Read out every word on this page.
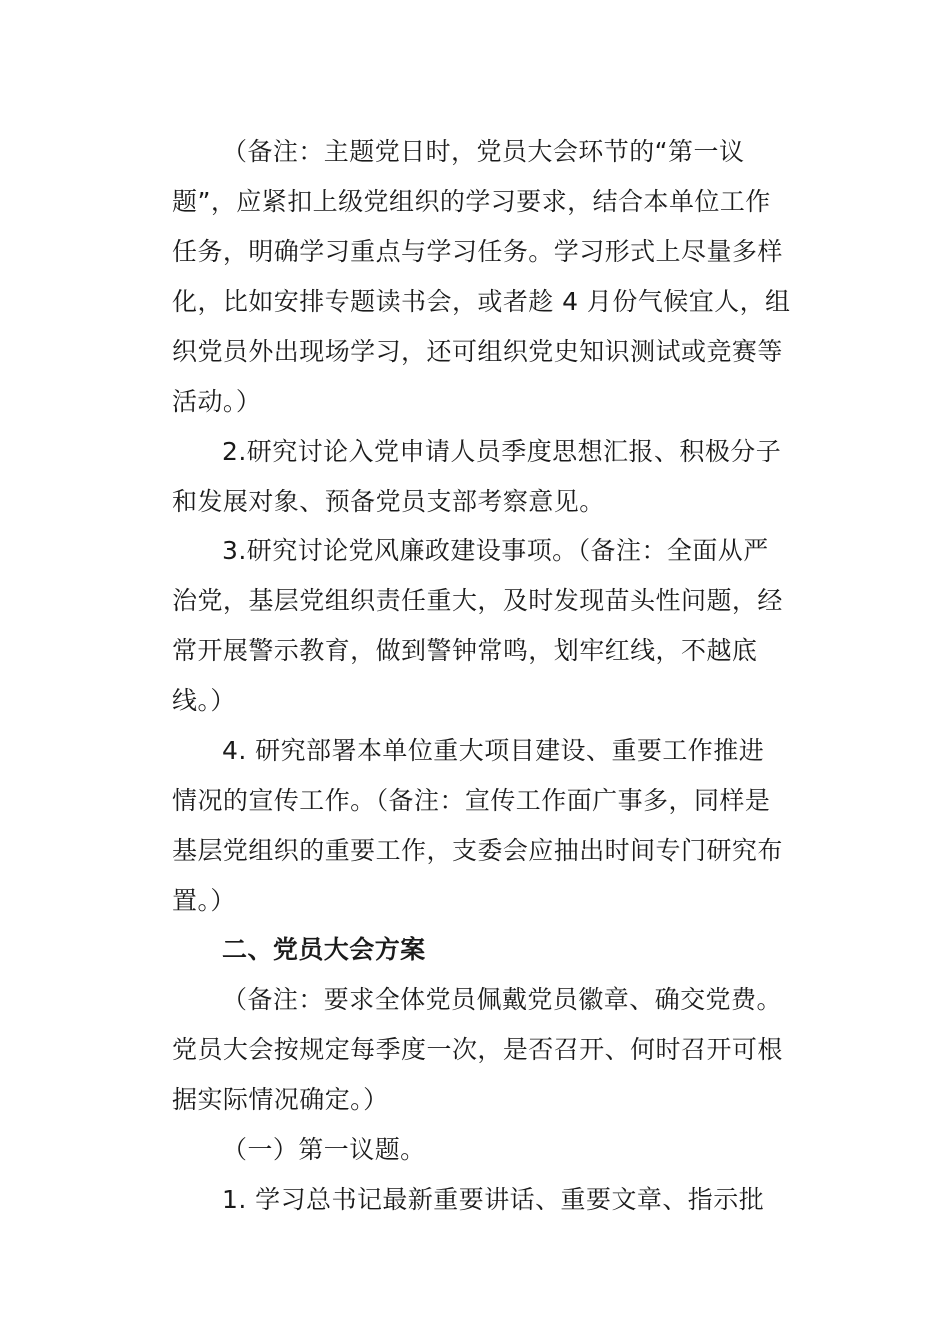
（备注：主题党日时，党员大会环节的“第一议
题”，应紧扣上级党组织的学习要求，结合本单位工作
任务，明确学习重点与学习任务。学习形式上尽量多样
化，比如安排专题读书会，或者趁 4 月份气候宜人，组
织党员外出现场学习，还可组织党史知识测试或竞赛等
活动。）
2.研究讨论入党申请人员季度思想汇报、积极分子
和发展对象、预备党员支部考察意见。
3.研究讨论党风廉政建设事项。（备注：全面从严
治党，基层党组织责任重大，及时发现苗头性问题，经
常开展警示教育，做到警钟常鸣，划牢红线，不越底
线。）
4. 研究部署本单位重大项目建设、重要工作推进
情况的宣传工作。（备注：宣传工作面广事多，同样是
基层党组织的重要工作，支委会应抽出时间专门研究布
置。）
二、党员大会方案
（备注：要求全体党员佩戴党员徽章、确交党费。
党员大会按规定每季度一次，是否召开、何时召开可根
据实际情况确定。）
（一）第一议题。
1. 学习总书记最新重要讲话、重要文章、指示批
